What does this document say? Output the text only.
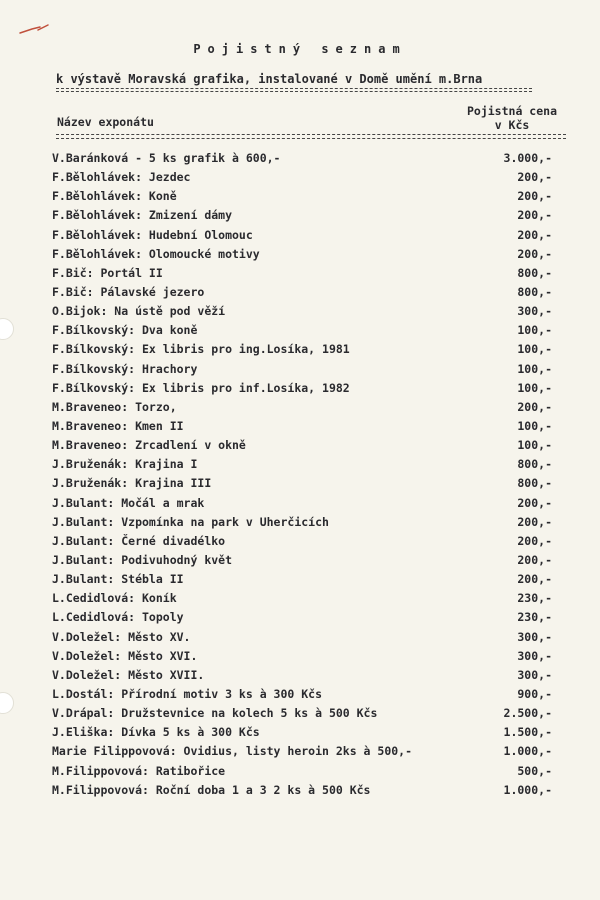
Pojistný seznam
k výstavě Moravská grafika, instalované v Domě umění m.Brna
Název exponátu
Pojistná cena
v Kčs
V.Baránková - 5 ks grafik à 600,-	3.000,-
F.Bělohlávek: Jezdec	200,-
F.Bělohlávek: Koně	200,-
F.Bělohlávek: Zmizení dámy	200,-
F.Bělohlávek: Hudební Olomouc	200,-
F.Bělohlávek: Olomoucké motivy	200,-
F.Bič: Portál II	800,-
F.Bič: Pálavské jezero	800,-
O.Bijok: Na ústě pod věží	300,-
F.Bílkovský: Dva koně	100,-
F.Bílkovský: Ex libris pro ing.Losíka, 1981	100,-
F.Bílkovský: Hrachory	100,-
F.Bílkovský: Ex libris pro inf.Losíka, 1982	100,-
M.Braveneo: Torzo,	200,-
M.Braveneo: Kmen II	100,-
M.Braveneo: Zrcadlení v okně	100,-
J.Bruženák: Krajina I	800,-
J.Bruženák: Krajina III	800,-
J.Bulant: Močál a mrak	200,-
J.Bulant: Vzpomínka na park v Uherčicích	200,-
J.Bulant: Černé divadélko	200,-
J.Bulant: Podivuhodný květ	200,-
J.Bulant: Stébla II	200,-
L.Cedidlová: Koník	230,-
L.Cedidlová: Topoly	230,-
V.Doležel: Město XV.	300,-
V.Doležel: Město XVI.	300,-
V.Doležel: Město XVII.	300,-
L.Dostál: Přírodní motiv 3 ks à 300 Kčs	900,-
V.Drápal: Družstevnice na kolech 5 ks à 500 Kčs	2.500,-
J.Eliška: Dívka 5 ks à 300 Kčs	1.500,-
Marie Filippovová: Ovidius, listy heroin 2ks à 500,-	1.000,-
M.Filippovová: Ratibořice	500,-
M.Filippovová: Roční doba 1 a 3 2 ks à 500 Kčs	1.000,-
